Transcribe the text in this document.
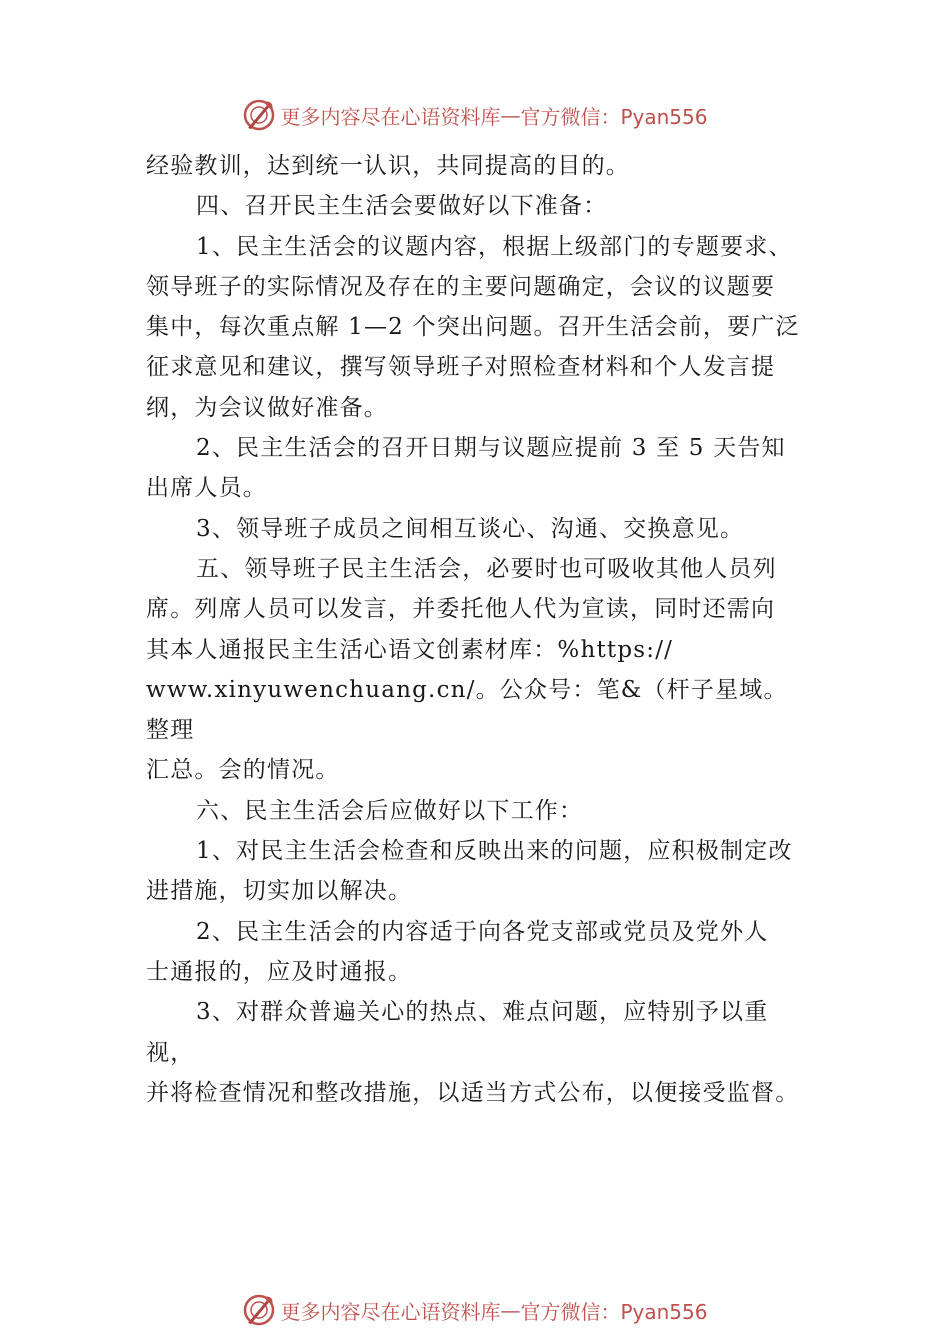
更多内容尽在心语资料库 — 官方微信：Pyan556

经验教训，达到统一认识，共同提高的目的。

四、召开民主生活会要做好以下准备：

1、民主生活会的议题内容，根据上级部门的专题要求、

领导班子的实际情况及存在的主要问题确定，会议的议题要

集中，每次重点解 1—2 个突出问题。召开生活会前，要广泛

征求意见和建议，撰写领导班子对照检查材料和个人发言提

纲，为会议做好准备。

2、民主生活会的召开日期与议题应提前 3 至 5 天告知

出席人员。

3、领导班子成员之间相互谈心、沟通、交换意见。

五、领导班子民主生活会，必要时也可吸收其他人员列

席。列席人员可以发言，并委托他人代为宣读，同时还需向

其本人通报民主生活心语文创素材库：%https://

www.xinyuwenchuang.cn/。公众号：笔&（杆子星域。整理

汇总。会的情况。

六、民主生活会后应做好以下工作：

1、对民主生活会检查和反映出来的问题，应积极制定改

进措施，切实加以解决。

2、民主生活会的内容适于向各党支部或党员及党外人

士通报的，应及时通报。

3、对群众普遍关心的热点、难点问题，应特别予以重视，

并将检查情况和整改措施，以适当方式公布，以便接受监督。

更多内容尽在心语资料库 — 官方微信：Pyan556
